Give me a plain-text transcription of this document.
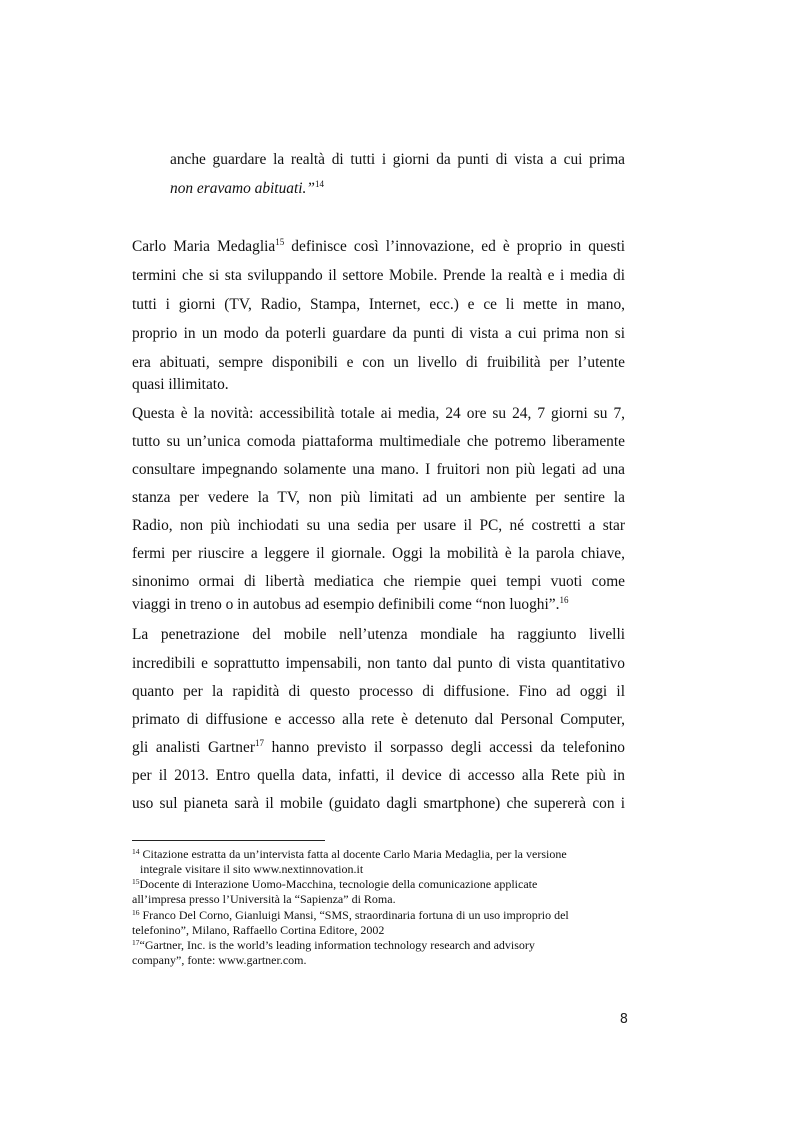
anche guardare la realtà di tutti i giorni da punti di vista a cui prima

non eravamo abituati.”$^{14}$

Carlo Maria Medaglia$^{15}$ definisce così l’innovazione, ed è proprio in questi

termini che si sta sviluppando il settore Mobile. Prende la realtà e i media di

tutti i giorni (TV, Radio, Stampa, Internet, ecc.) e ce li mette in mano,

proprio in un modo da poterli guardare da punti di vista a cui prima non si

era abituati, sempre disponibili e con un livello di fruibilità per l’utente

quasi illimitato.

Questa è la novità: accessibilità totale ai media, 24 ore su 24, 7 giorni su 7,

tutto su un’unica comoda piattaforma multimediale che potremo liberamente

consultare impegnando solamente una mano. I fruitori non più legati ad una

stanza per vedere la TV, non più limitati ad un ambiente per sentire la

Radio, non più inchiodati su una sedia per usare il PC, né costretti a star

fermi per riuscire a leggere il giornale. Oggi la mobilità è la parola chiave,

sinonimo ormai di libertà mediatica che riempie quei tempi vuoti come

viaggi in treno o in autobus ad esempio definibili come “non luoghi”.$^{16}$

La penetrazione del mobile nell’utenza mondiale ha raggiunto livelli

incredibili e soprattutto impensabili, non tanto dal punto di vista quantitativo

quanto per la rapidità di questo processo di diffusione. Fino ad oggi il

primato di diffusione e accesso alla rete è detenuto dal Personal Computer,

gli analisti Gartner$^{17}$ hanno previsto il sorpasso degli accessi da telefonino

per il 2013. Entro quella data, infatti, il device di accesso alla Rete più in

uso sul pianeta sarà il mobile (guidato dagli smartphone) che supererà con i

$^{14}$ Citazione estratta da un’intervista fatta al docente Carlo Maria Medaglia, per la versione

integrale visitare il sito www.nextinnovation.it

$^{15}$Docente di Interazione Uomo-Macchina, tecnologie della comunicazione applicate

all’impresa presso l’Università la “Sapienza” di Roma.

$^{16}$ Franco Del Corno, Gianluigi Mansi, “SMS, straordinaria fortuna di un uso improprio del

telefonino”, Milano, Raffaello Cortina Editore, 2002

$^{17}$“Gartner, Inc. is the world’s leading information technology research and advisory

company”, fonte: www.gartner.com.

8
